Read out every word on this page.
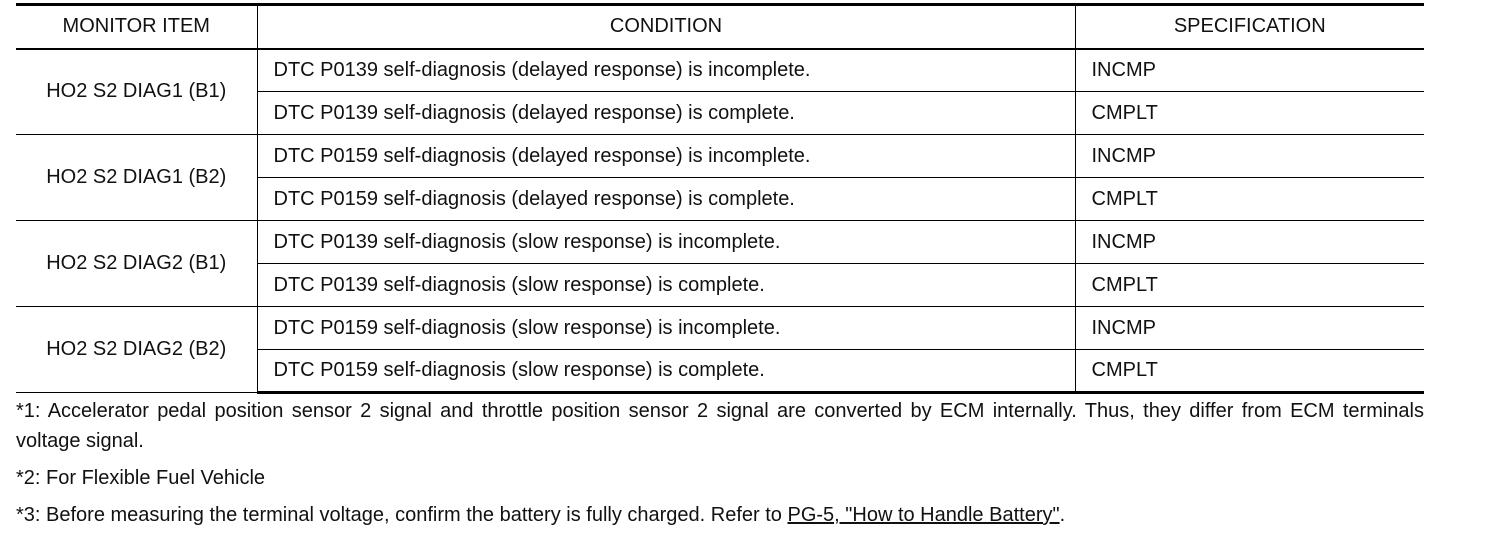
MONITOR ITEM	CONDITION	SPECIFICATION
HO2 S2 DIAG1 (B1)	DTC P0139 self-diagnosis (delayed response) is incomplete.	INCMP
	DTC P0139 self-diagnosis (delayed response) is complete.	CMPLT
HO2 S2 DIAG1 (B2)	DTC P0159 self-diagnosis (delayed response) is incomplete.	INCMP
	DTC P0159 self-diagnosis (delayed response) is complete.	CMPLT
HO2 S2 DIAG2 (B1)	DTC P0139 self-diagnosis (slow response) is incomplete.	INCMP
	DTC P0139 self-diagnosis (slow response) is complete.	CMPLT
HO2 S2 DIAG2 (B2)	DTC P0159 self-diagnosis (slow response) is incomplete.	INCMP
	DTC P0159 self-diagnosis (slow response) is complete.	CMPLT

*1: Accelerator pedal position sensor 2 signal and throttle position sensor 2 signal are converted by ECM internally. Thus, they differ from ECM terminals voltage signal.

*2: For Flexible Fuel Vehicle

*3: Before measuring the terminal voltage, confirm the battery is fully charged. Refer to PG-5, "How to Handle Battery".
